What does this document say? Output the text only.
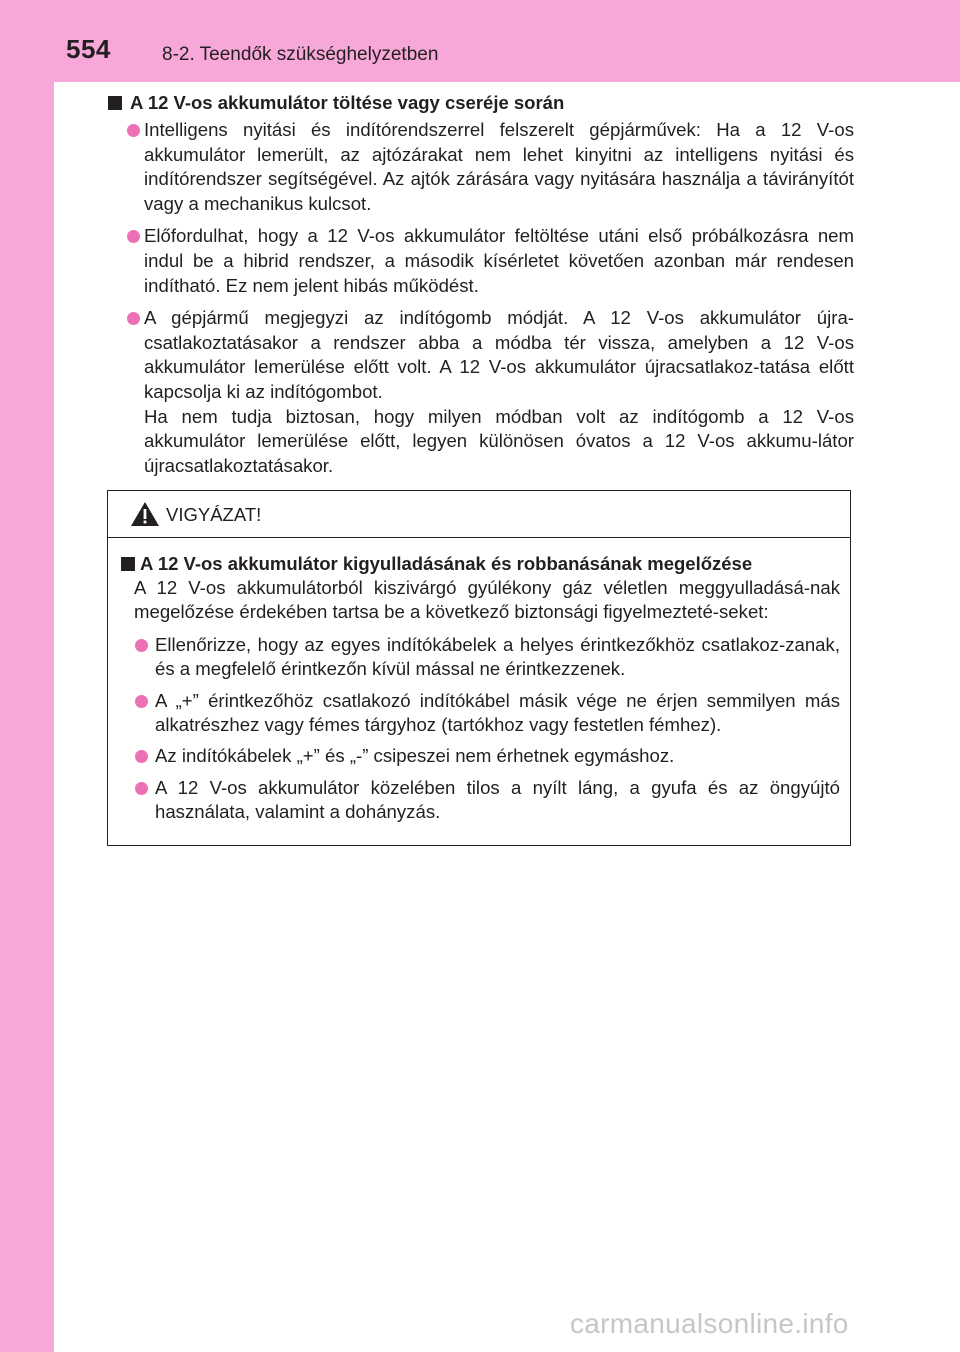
554	8-2. Teendők szükséghelyzetben
A 12 V-os akkumulátor töltése vagy cseréje során

Intelligens nyitási és indítórendszerrel felszerelt gépjárművek: Ha a 12 V-os akkumulátor lemerült, az ajtózárakat nem lehet kinyitni az intelligens nyitási és indítórendszer segítségével. Az ajtók zárására vagy nyitására használja a távirányítót vagy a mechanikus kulcsot.

Előfordulhat, hogy a 12 V-os akkumulátor feltöltése utáni első próbálkozásra nem indul be a hibrid rendszer, a második kísérletet követően azonban már rendesen indítható. Ez nem jelent hibás működést.

A gépjármű megjegyzi az indítógomb módját. A 12 V-os akkumulátor újra-csatlakoztatásakor a rendszer abba a módba tér vissza, amelyben a 12 V-os akkumulátor lemerülése előtt volt. A 12 V-os akkumulátor újracsatlakoz-tatása előtt kapcsolja ki az indítógombot.

Ha nem tudja biztosan, hogy milyen módban volt az indítógomb a 12 V-os akkumulátor lemerülése előtt, legyen különösen óvatos a 12 V-os akkumu-látor újracsatlakoztatásakor.

VIGYÁZAT!
A 12 V-os akkumulátor kigyulladásának és robbanásának megelőzése
A 12 V-os akkumulátorból kiszivárgó gyúlékony gáz véletlen meggyulladásá-nak megelőzése érdekében tartsa be a következő biztonsági figyelmezteté-seket:
Ellenőrizze, hogy az egyes indítókábelek a helyes érintkezőkhöz csatlakoz-zanak, és a megfelelő érintkezőn kívül mással ne érintkezzenek.
A „+” érintkezőhöz csatlakozó indítókábel másik vége ne érjen semmilyen más alkatrészhez vagy fémes tárgyhoz (tartókhoz vagy festetlen fémhez).
Az indítókábelek „+” és „-” csipeszei nem érhetnek egymáshoz.
A 12 V-os akkumulátor közelében tilos a nyílt láng, a gyufa és az öngyújtó használata, valamint a dohányzás.
carmanualsonline.info
